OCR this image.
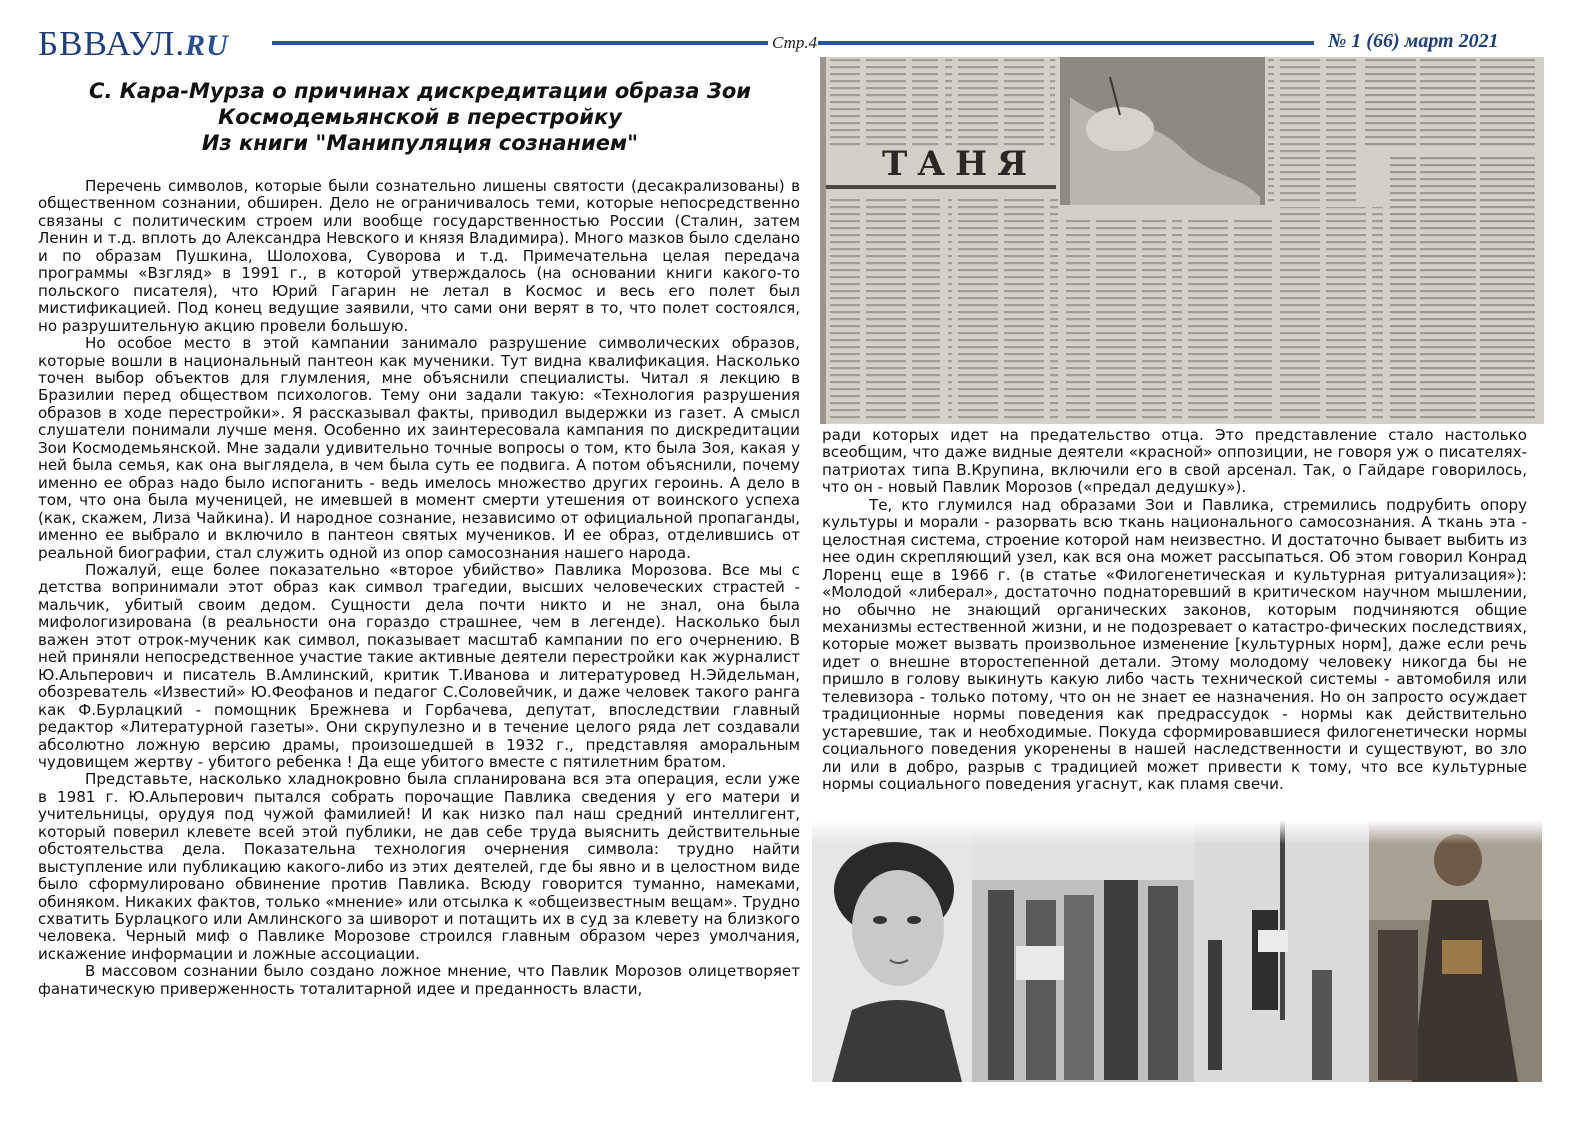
БВВАУЛ.RU	Стр.4	№ 1 (66) март 2021
С. Кара-Мурза о причинах дискредитации образа Зои
Космодемьянской в перестройку
Из книги "Манипуляция сознанием"

Перечень символов, которые были сознательно лишены святости (десакрализованы) в общественном сознании, обширен. Дело не ограничивалось теми, которые непосредственно связаны с политическим строем или вообще государственностью России (Сталин, затем Ленин и т.д. вплоть до Александра Невского и князя Владимира). Много мазков было сделано и по образам Пушкина, Шолохова, Суворова и т.д. Примечательна целая передача программы «Взгляд» в 1991 г., в которой утверждалось (на основании книги какого-то польского писателя), что Юрий Гагарин не летал в Космос и весь его полет был мистификацией. Под конец ведущие заявили, что сами они верят в то, что полет состоялся, но разрушительную акцию провели большую.

Но особое место в этой кампании занимало разрушение символических образов, которые вошли в национальный пантеон как мученики. Тут видна квалификация. Насколько точен выбор объектов для глумления, мне объяснили специалисты. Читал я лекцию в Бразилии перед обществом психологов. Тему они задали такую: «Технология разрушения образов в ходе перестройки». Я рассказывал факты, приводил выдержки из газет. А смысл слушатели понимали лучше меня. Особенно их заинтересовала кампания по дискредитации Зои Космодемьянской. Мне задали удивительно точные вопросы о том, кто была Зоя, какая у ней была семья, как она выглядела, в чем была суть ее подвига. А потом объяснили, почему именно ее образ надо было испоганить - ведь имелось множество других героинь. А дело в том, что она была мученицей, не имевшей в момент смерти утешения от воинского успеха (как, скажем, Лиза Чайкина). И народное сознание, независимо от официальной пропаганды, именно ее выбрало и включило в пантеон святых мучеников. И ее образ, отделившись от реальной биографии, стал служить одной из опор самосознания нашего народа.

Пожалуй, еще более показательно «второе убийство» Павлика Морозова. Все мы с детства вопринимали этот образ как символ трагедии, высших человеческих страстей - мальчик, убитый своим дедом. Сущности дела почти никто и не знал, она была мифологизирована (в реальности она гораздо страшнее, чем в легенде). Насколько был важен этот отрок-мученик как символ, показывает масштаб кампании по его очернению. В ней приняли непосредственное участие такие активные деятели перестройки как журналист Ю.Альперович и писатель В.Амлинский, критик Т.Иванова и литературовед Н.Эйдельман, обозреватель «Известий» Ю.Феофанов и педагог С.Соловейчик, и даже человек такого ранга как Ф.Бурлацкий - помощник Брежнева и Горбачева, депутат, впоследствии главный редактор «Литературной газеты». Они скрупулезно и в течение целого ряда лет создавали абсолютно ложную версию драмы, произошедшей в 1932 г., представляя аморальным чудовищем жертву - убитого ребенка ! Да еще убитого вместе с пятилетним братом.

Представьте, насколько хладнокровно была спланирована вся эта операция, если уже в 1981 г. Ю.Альперович пытался собрать порочащие Павлика сведения у его матери и учительницы, орудуя под чужой фамилией! И как низко пал наш средний интеллигент, который поверил клевете всей этой публики, не дав себе труда выяснить действительные обстоятельства дела. Показательна технология очернения символа: трудно найти выступление или публикацию какого-либо из этих деятелей, где бы явно и в целостном виде было сформулировано обвинение против Павлика. Всюду говорится туманно, намеками, обиняком. Никаких фактов, только «мнение» или отсылка к «общеизвестным вещам». Трудно схватить Бурлацкого или Амлинского за шиворот и потащить их в суд за клевету на близкого человека. Черный миф о Павлике Морозове строился главным образом через умолчания, искажение информации и ложные ассоциации.

В массовом сознании было создано ложное мнение, что Павлик Морозов олицетворяет фанатическую приверженность тоталитарной идее и преданность власти,

ТАНЯ

ради которых идет на предательство отца. Это представление стало настолько всеобщим, что даже видные деятели «красной» оппозиции, не говоря уж о писателях-патриотах типа В.Крупина, включили его в свой арсенал. Так, о Гайдаре говорилось, что он - новый Павлик Морозов («предал дедушку»).

Те, кто глумился над образами Зои и Павлика, стремились подрубить опору культуры и морали - разорвать всю ткань национального самосознания. А ткань эта - целостная система, строение которой нам неизвестно. И достаточно бывает выбить из нее один скрепляющий узел, как вся она может рассыпаться. Об этом говорил Конрад Лоренц еще в 1966 г. (в статье «Филогенетическая и культурная ритуализация»): «Молодой «либерал», достаточно поднаторевший в критическом научном мышлении, но обычно не знающий органических законов, которым подчиняются общие механизмы естественной жизни, и не подозревает о катастро-фических последствиях, которые может вызвать произвольное изменение [культурных норм], даже если речь идет о внешне второстепенной детали. Этому молодому человеку никогда бы не пришло в голову выкинуть какую либо часть технической системы - автомобиля или телевизора - только потому, что он не знает ее назначения. Но он запросто осуждает традиционные нормы поведения как предрассудок - нормы как действительно устаревшие, так и необходимые. Покуда сформировавшиеся филогенетически нормы социального поведения укоренены в нашей наследственности и существуют, во зло ли или в добро, разрыв с традицией может привести к тому, что все культурные нормы социального поведения угаснут, как пламя свечи.
